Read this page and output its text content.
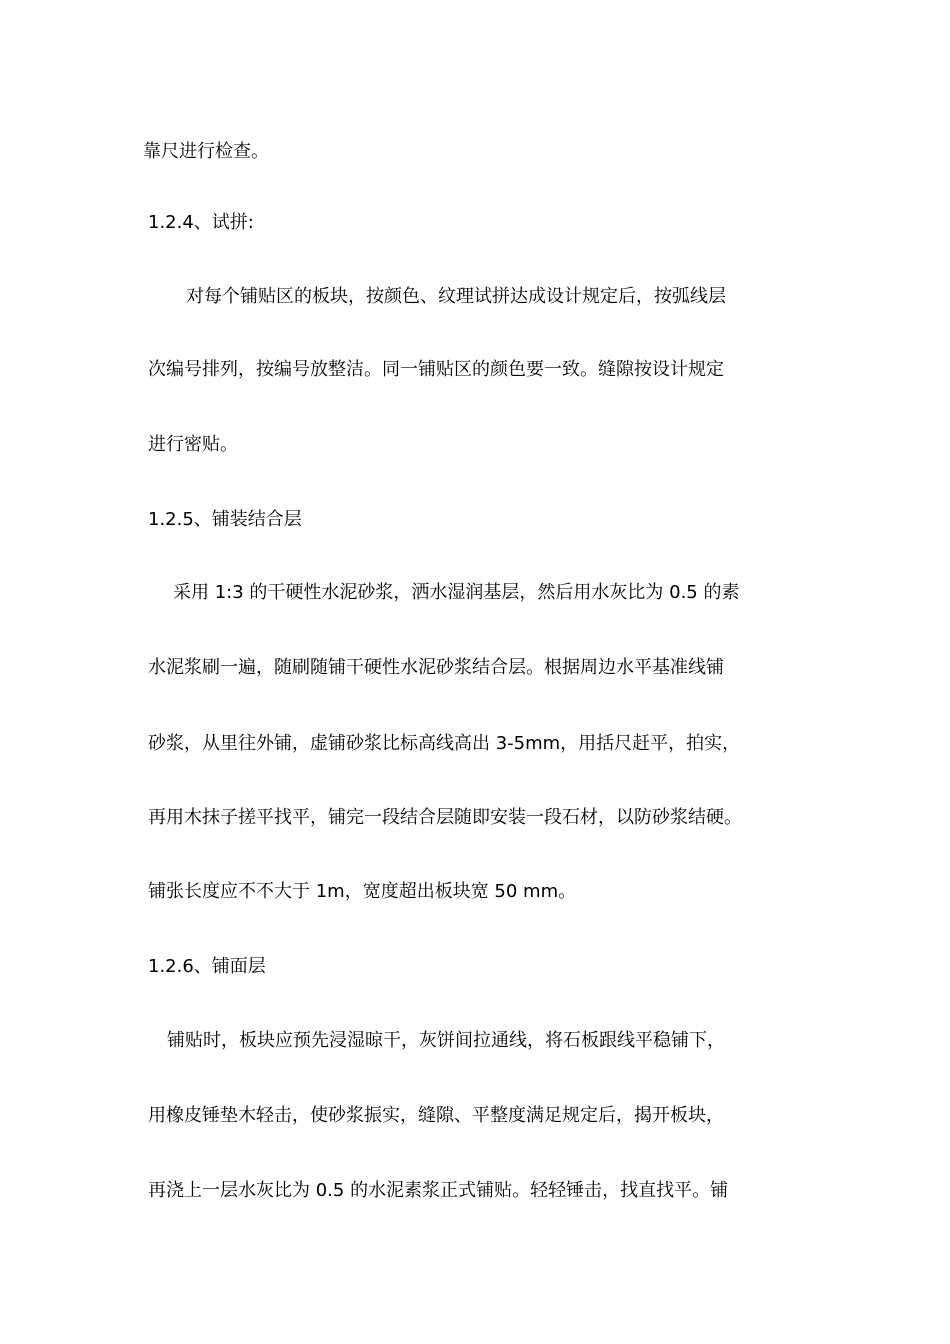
靠尺进行检查。
1.2.4、试拼:
对每个铺贴区的板块，按颜色、纹理试拼达成设计规定后，按弧线层
次编号排列，按编号放整洁。同一铺贴区的颜色要一致。缝隙按设计规定
进行密贴。
1.2.5、铺装结合层
采用 1:3 的干硬性水泥砂浆，洒水湿润基层，然后用水灰比为 0.5 的素
水泥浆刷一遍，随刷随铺干硬性水泥砂浆结合层。根据周边水平基准线铺
砂浆，从里往外铺，虚铺砂浆比标高线高出 3-5mm，用括尺赶平，拍实，
再用木抹子搓平找平，铺完一段结合层随即安装一段石材，以防砂浆结硬。
铺张长度应不不大于 1m，宽度超出板块宽 50 mm。
1.2.6、铺面层
铺贴时，板块应预先浸湿晾干，灰饼间拉通线，将石板跟线平稳铺下，
用橡皮锤垫木轻击，使砂浆振实，缝隙、平整度满足规定后，揭开板块，
再浇上一层水灰比为 0.5 的水泥素浆正式铺贴。轻轻锤击，找直找平。铺
